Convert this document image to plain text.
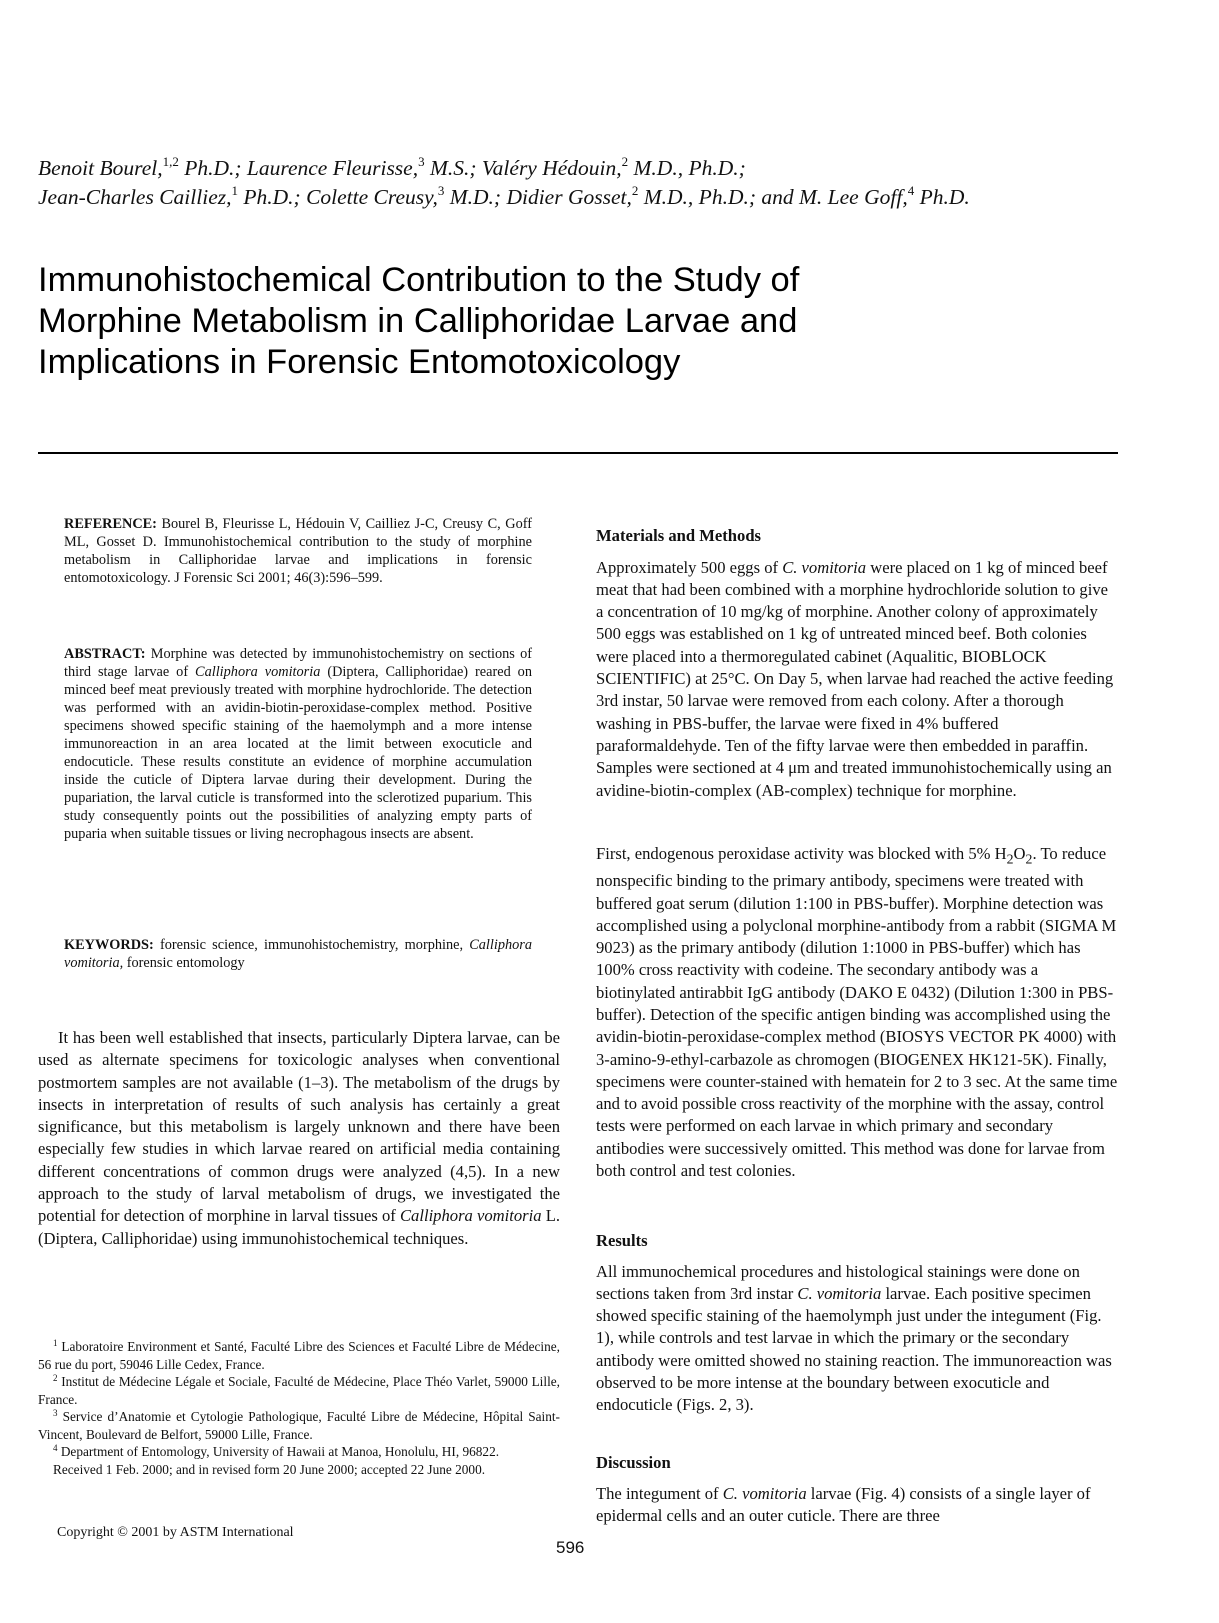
Benoit Bourel,$^{1,2}$ Ph.D.; Laurence Fleurisse,$^3$ M.S.; Valéry Hédouin,$^2$ M.D., Ph.D.;
Jean-Charles Cailliez,$^1$ Ph.D.; Colette Creusy,$^3$ M.D.; Didier Gosset,$^2$ M.D., Ph.D.; and M. Lee Goff,$^4$ Ph.D.
Immunohistochemical Contribution to the Study of
Morphine Metabolism in Calliphoridae Larvae and
Implications in Forensic Entomotoxicology
REFERENCE: Bourel B, Fleurisse L, Hédouin V, Cailliez J-C, Creusy C, Goff ML, Gosset D. Immunohistochemical contribution to the study of morphine metabolism in Calliphoridae larvae and implications in forensic entomotoxicology. J Forensic Sci 2001; 46(3):596–599.
ABSTRACT: Morphine was detected by immunohistochemistry on sections of third stage larvae of Calliphora vomitoria (Diptera, Calliphoridae) reared on minced beef meat previously treated with morphine hydrochloride. The detection was performed with an avidin-biotin-peroxidase-complex method. Positive specimens showed specific staining of the haemolymph and a more intense immunoreaction in an area located at the limit between exocuticle and endocuticle. These results constitute an evidence of morphine accumulation inside the cuticle of Diptera larvae during their development. During the pupariation, the larval cuticle is transformed into the sclerotized puparium. This study consequently points out the possibilities of analyzing empty parts of puparia when suitable tissues or living necrophagous insects are absent.
KEYWORDS: forensic science, immunohistochemistry, morphine, Calliphora vomitoria, forensic entomology

It has been well established that insects, particularly Diptera larvae, can be used as alternate specimens for toxicologic analyses when conventional postmortem samples are not available (1–3). The metabolism of the drugs by insects in interpretation of results of such analysis has certainly a great significance, but this metabolism is largely unknown and there have been especially few studies in which larvae reared on artificial media containing different concentrations of common drugs were analyzed (4,5). In a new approach to the study of larval metabolism of drugs, we investigated the potential for detection of morphine in larval tissues of Calliphora vomitoria L. (Diptera, Calliphoridae) using immunohistochemical techniques.

$^1$ Laboratoire Environment et Santé, Faculté Libre des Sciences et Faculté Libre de Médecine, 56 rue du port, 59046 Lille Cedex, France.

$^2$ Institut de Médecine Légale et Sociale, Faculté de Médecine, Place Théo Varlet, 59000 Lille, France.

$^3$ Service d’Anatomie et Cytologie Pathologique, Faculté Libre de Médecine, Hôpital Saint-Vincent, Boulevard de Belfort, 59000 Lille, France.

$^4$ Department of Entomology, University of Hawaii at Manoa, Honolulu, HI, 96822.

Received 1 Feb. 2000; and in revised form 20 June 2000; accepted 22 June 2000.

Copyright © 2001 by ASTM International
596
Materials and Methods

Approximately 500 eggs of C. vomitoria were placed on 1 kg of minced beef meat that had been combined with a morphine hydrochloride solution to give a concentration of 10 mg/kg of morphine. Another colony of approximately 500 eggs was established on 1 kg of untreated minced beef. Both colonies were placed into a thermoregulated cabinet (Aqualitic, BIOBLOCK SCIENTIFIC) at 25°C. On Day 5, when larvae had reached the active feeding 3rd instar, 50 larvae were removed from each colony. After a thorough washing in PBS-buffer, the larvae were fixed in 4% buffered paraformaldehyde. Ten of the fifty larvae were then embedded in paraffin. Samples were sectioned at 4 μm and treated immunohistochemically using an avidine-biotin-complex (AB-complex) technique for morphine.

First, endogenous peroxidase activity was blocked with 5% $H_2O_2$. To reduce nonspecific binding to the primary antibody, specimens were treated with buffered goat serum (dilution 1:100 in PBS-buffer). Morphine detection was accomplished using a polyclonal morphine-antibody from a rabbit (SIGMA M 9023) as the primary antibody (dilution 1:1000 in PBS-buffer) which has 100% cross reactivity with codeine. The secondary antibody was a biotinylated antirabbit IgG antibody (DAKO E 0432) (Dilution 1:300 in PBS-buffer). Detection of the specific antigen binding was accomplished using the avidin-biotin-peroxidase-complex method (BIOSYS VECTOR PK 4000) with 3-amino-9-ethyl-carbazole as chromogen (BIOGENEX HK121-5K). Finally, specimens were counter-stained with hematein for 2 to 3 sec. At the same time and to avoid possible cross reactivity of the morphine with the assay, control tests were performed on each larvae in which primary and secondary antibodies were successively omitted. This method was done for larvae from both control and test colonies.

Results

All immunochemical procedures and histological stainings were done on sections taken from 3rd instar C. vomitoria larvae. Each positive specimen showed specific staining of the haemolymph just under the integument (Fig. 1), while controls and test larvae in which the primary or the secondary antibody were omitted showed no staining reaction. The immunoreaction was observed to be more intense at the boundary between exocuticle and endocuticle (Figs. 2, 3).

Discussion

The integument of C. vomitoria larvae (Fig. 4) consists of a single layer of epidermal cells and an outer cuticle. There are three
